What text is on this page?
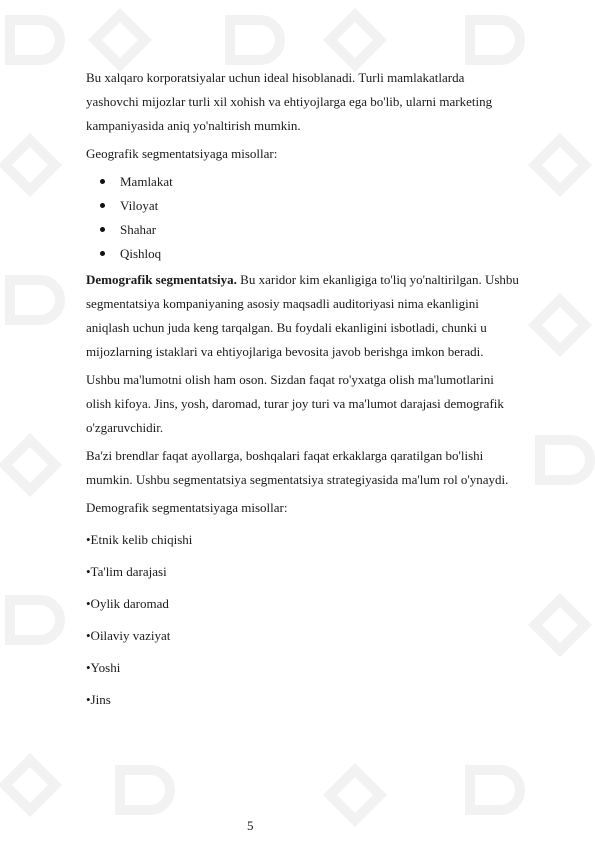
Bu xalqaro korporatsiyalar uchun ideal hisoblanadi. Turli mamlakatlarda
yashovchi mijozlar turli xil xohish va ehtiyojlarga ega bo'lib, ularni marketing
kampaniyasida aniq yo'naltirish mumkin.
Geografik segmentatsiyaga misollar:
Mamlakat
Viloyat
Shahar
Qishloq
Demografik segmentatsiya. Bu xaridor kim ekanligiga to'liq yo'naltirilgan. Ushbu
segmentatsiya kompaniyaning asosiy maqsadli auditoriyasi nima ekanligini
aniqlash uchun juda keng tarqalgan. Bu foydali ekanligini isbotladi, chunki u
mijozlarning istaklari va ehtiyojlariga bevosita javob berishga imkon beradi.
Ushbu ma'lumotni olish ham oson. Sizdan faqat ro'yxatga olish ma'lumotlarini
olish kifoya. Jins, yosh, daromad, turar joy turi va ma'lumot darajasi demografik
o'zgaruvchidir.
Ba'zi brendlar faqat ayollarga, boshqalari faqat erkaklarga qaratilgan bo'lishi
mumkin. Ushbu segmentatsiya segmentatsiya strategiyasida ma'lum rol o'ynaydi.
Demografik segmentatsiyaga misollar:
•Etnik kelib chiqishi
•Ta'lim darajasi
•Oylik daromad
•Oilaviy vaziyat
•Yoshi
•Jins
5
